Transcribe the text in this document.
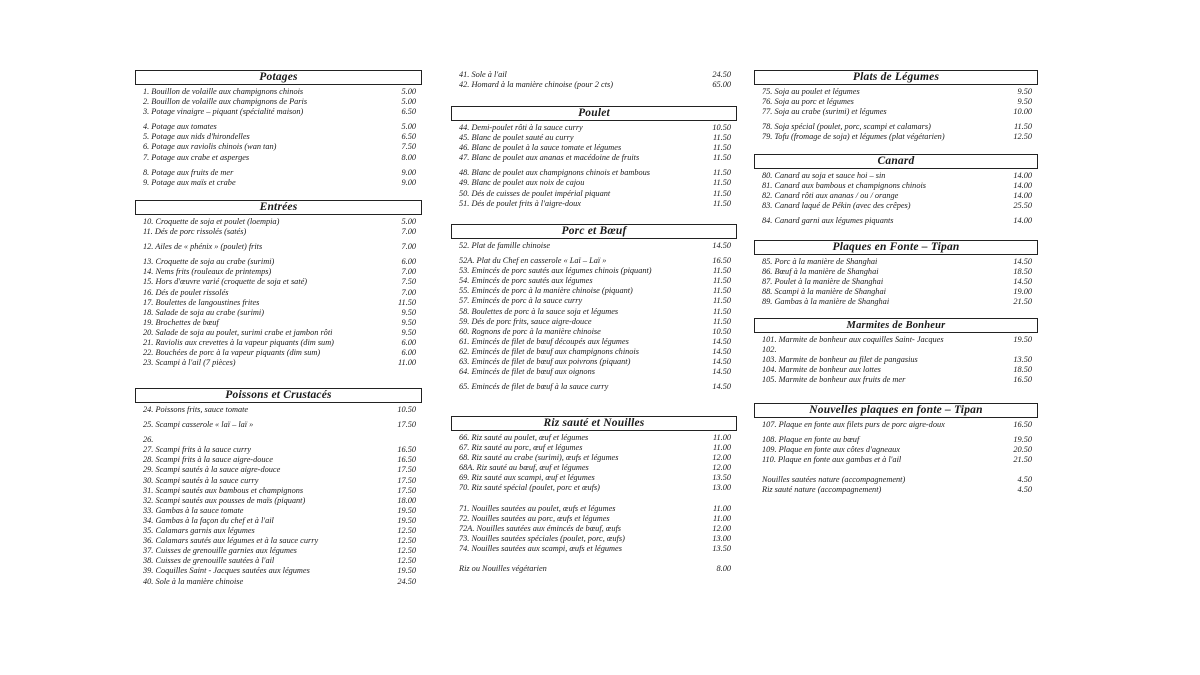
Potages
1. Bouillon de volaille aux champignons chinois	5.00
2. Bouillon de volaille aux champignons de Paris	5.00
3. Potage vinaigre – piquant (spécialité maison)	6.50
4. Potage aux tomates	5.00
5. Potage aux nids d'hirondelles	6.50
6. Potage aux raviolis chinois (wan tan)	7.50
7. Potage aux crabe et asperges	8.00
8. Potage aux fruits de mer	9.00
9. Potage aux maïs et crabe	9.00
Entrées
10. Croquette de soja et poulet (loempia)	5.00
11. Dés de porc rissolés (satés)	7.00
12. Ailes de « phénix » (poulet) frits	7.00
13. Croquette de soja au crabe (surimi)	6.00
14. Nems frits (rouleaux de printemps)	7.00
15. Hors d'œuvre varié (croquette de soja et saté)	7.50
16. Dés de poulet rissolés	7.00
17. Boulettes de langoustines frites	11.50
18. Salade de soja au crabe (surimi)	9.50
19. Brochettes de bœuf	9.50
20. Salade de soja au poulet, surimi crabe et jambon rôti	9.50
21. Raviolis aux crevettes à la vapeur piquants (dim sum)	6.00
22. Bouchées de porc à la vapeur piquants (dim sum)	6.00
23. Scampi à l'ail (7 pièces)	11.00
Poissons et Crustacés
24. Poissons frits, sauce tomate	10.50
25. Scampi casserole « laï – laï »	17.50
26.
27. Scampi frits à la sauce curry	16.50
28. Scampi frits à la sauce aigre-douce	16.50
29. Scampi sautés à la sauce aigre-douce	17.50
30. Scampi sautés à la sauce curry	17.50
31. Scampi sautés aux bambous et champignons	17.50
32. Scampi sautés aux pousses de maïs (piquant)	18.00
33. Gambas à la sauce tomate	19.50
34. Gambas à la façon du chef et à l'ail	19.50
35. Calamars garnis aux légumes	12.50
36. Calamars sautés aux légumes et à la sauce curry	12.50
37. Cuisses de grenouille garnies aux légumes	12.50
38. Cuisses de grenouille sautées à l'ail	12.50
39. Coquilles Saint - Jacques sautées aux légumes	19.50
40. Sole à la manière chinoise	24.50
41. Sole à l'ail	24.50
42. Homard à la manière chinoise (pour 2 cts)	65.00
Poulet
44. Demi-poulet rôti à la sauce curry	10.50
45. Blanc de poulet sauté au curry	11.50
46. Blanc de poulet à la sauce tomate et légumes	11.50
47. Blanc de poulet aux ananas et macédoine de fruits	11.50
48. Blanc de poulet aux champignons chinois et bambous	11.50
49. Blanc de poulet aux noix de cajou	11.50
50. Dés de cuisses de poulet impérial piquant	11.50
51. Dés de poulet frits à l'aigre-doux	11.50
Porc et Bœuf
52. Plat de famille chinoise	14.50
52A. Plat du Chef en casserole « Laï – Laï »	16.50
53. Emincés de porc sautés aux légumes chinois (piquant)	11.50
54. Emincés de porc sautés aux légumes	11.50
55. Emincés de porc à la manière chinoise (piquant)	11.50
57. Emincés de porc à la sauce curry	11.50
58. Boulettes de porc à la sauce soja et légumes	11.50
59. Dés de porc frits, sauce aigre-douce	11.50
60. Rognons de porc à la manière chinoise	10.50
61. Emincés de filet de bœuf découpés aux légumes	14.50
62. Emincés de filet de bœuf aux champignons chinois	14.50
63. Emincés de filet de bœuf aux poivrons (piquant)	14.50
64. Emincés de filet de bœuf aux oignons	14.50
65. Emincés de filet de bœuf à la sauce curry	14.50
Riz sauté et Nouilles
66. Riz sauté au poulet, œuf et légumes	11.00
67. Riz sauté au porc, œuf et légumes	11.00
68. Riz sauté au crabe (surimi), œufs et légumes	12.00
68A. Riz sauté au bœuf, œuf et légumes	12.00
69. Riz sauté aux scampi, œuf et légumes	13.50
70. Riz sauté spécial (poulet, porc et œufs)	13.00
71. Nouilles sautées au poulet, œufs et légumes	11.00
72. Nouilles sautées au porc, œufs et légumes	11.00
72A. Nouilles sautées aux émincés de bœuf, œufs	12.00
73. Nouilles sautées spéciales (poulet, porc, œufs)	13.00
74. Nouilles sautées aux scampi, œufs et légumes	13.50
Riz ou Nouilles végétarien	8.00
Plats de Légumes
75. Soja au poulet et légumes	9.50
76. Soja au porc et légumes	9.50
77. Soja au crabe (surimi) et légumes	10.00
78. Soja spécial (poulet, porc, scampi et calamars)	11.50
79. Tofu (fromage de soja) et légumes (plat végétarien)	12.50
Canard
80. Canard au soja et sauce hoi – sin	14.00
81. Canard aux bambous et champignons chinois	14.00
82. Canard rôti aux ananas / ou / orange	14.00
83. Canard laqué de Pékin (avec des crêpes)	25.50
84. Canard garni aux légumes piquants	14.00
Plaques en Fonte – Tipan
85. Porc à la manière de Shanghai	14.50
86. Bœuf à la manière de Shanghai	18.50
87. Poulet à la manière de Shanghai	14.50
88. Scampi à la manière de Shanghai	19.00
89. Gambas à la manière de Shanghai	21.50
Marmites de Bonheur
101. Marmite de bonheur aux coquilles Saint- Jacques	19.50
102.
103. Marmite de bonheur au filet de pangasius	13.50
104. Marmite de bonheur aux lottes	18.50
105. Marmite de bonheur aux fruits de mer	16.50
Nouvelles plaques en fonte – Tipan
107. Plaque en fonte aux filets purs de porc aigre-doux	16.50
108. Plaque en fonte au bœuf	19.50
109. Plaque en fonte aux côtes d'agneaux	20.50
110. Plaque en fonte aux gambas et à l'ail	21.50
Nouilles sautées nature (accompagnement)	4.50
Riz sauté nature (accompagnement)	4.50
